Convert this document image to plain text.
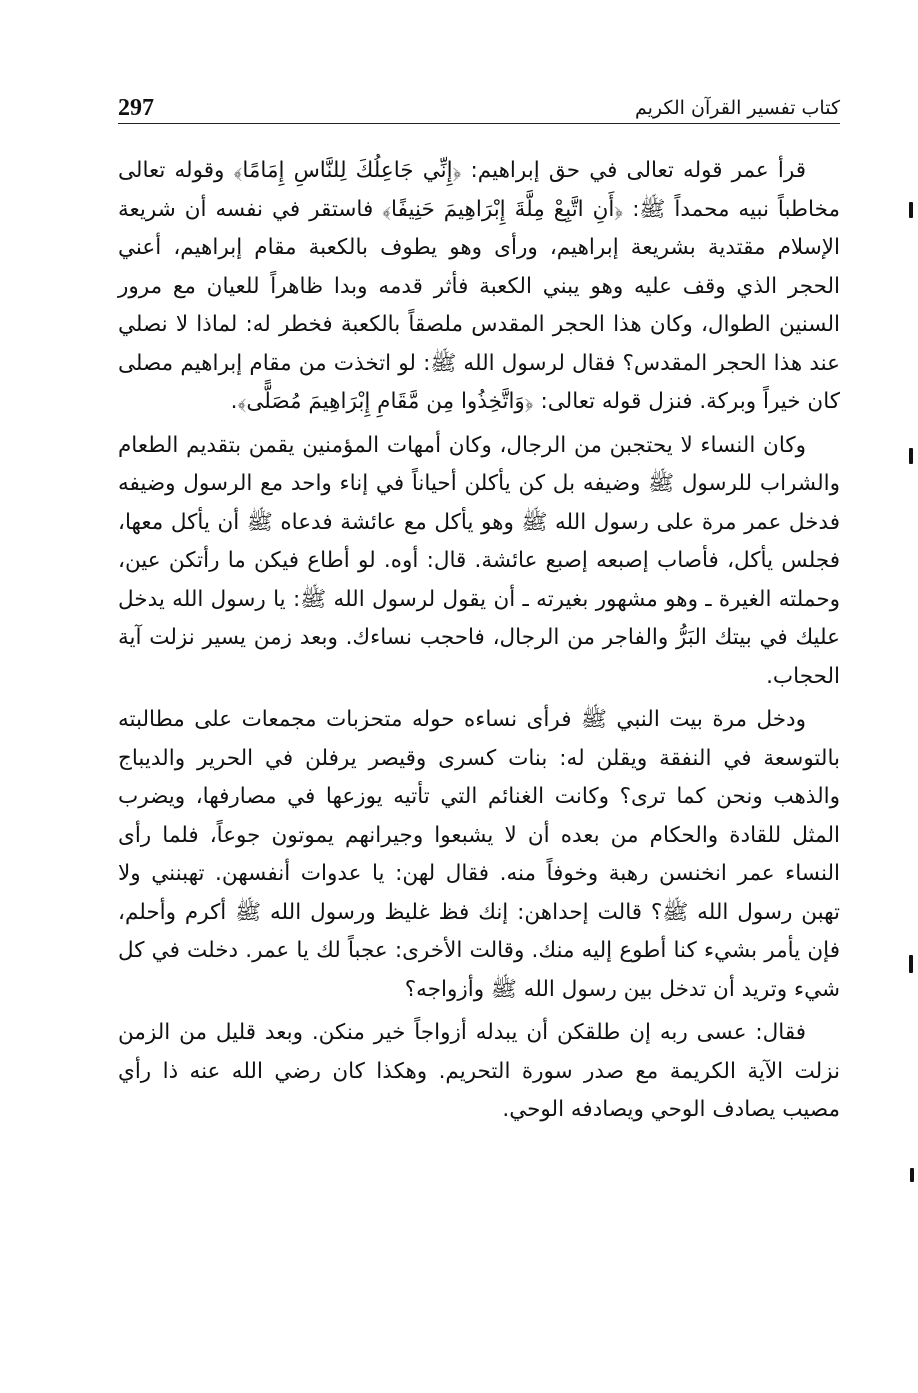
297	كتاب تفسير القرآن الكريم

قرأ عمر قوله تعالى في حق إبراهيم: ﴿إِنِّي جَاعِلُكَ لِلنَّاسِ إِمَامًا﴾ وقوله تعالى مخاطباً نبيه محمداً ﷺ: ﴿أَنِ اتَّبِعْ مِلَّةَ إِبْرَاهِيمَ حَنِيفًا﴾ فاستقر في نفسه أن شريعة الإسلام مقتدية بشريعة إبراهيم، ورأى وهو يطوف بالكعبة مقام إبراهيم، أعني الحجر الذي وقف عليه وهو يبني الكعبة فأثر قدمه وبدا ظاهراً للعيان مع مرور السنين الطوال، وكان هذا الحجر المقدس ملصقاً بالكعبة فخطر له: لماذا لا نصلي عند هذا الحجر المقدس؟ فقال لرسول الله ﷺ: لو اتخذت من مقام إبراهيم مصلى كان خيراً وبركة. فنزل قوله تعالى: ﴿وَاتَّخِذُوا مِن مَّقَامِ إِبْرَاهِيمَ مُصَلًّى﴾.

وكان النساء لا يحتجبن من الرجال، وكان أمهات المؤمنين يقمن بتقديم الطعام والشراب للرسول ﷺ وضيفه بل كن يأكلن أحياناً في إناء واحد مع الرسول وضيفه فدخل عمر مرة على رسول الله ﷺ وهو يأكل مع عائشة فدعاه ﷺ أن يأكل معها، فجلس يأكل، فأصاب إصبعه إصبع عائشة. قال: أوه. لو أطاع فيكن ما رأتكن عين، وحملته الغيرة ـ وهو مشهور بغيرته ـ أن يقول لرسول الله ﷺ: يا رسول الله يدخل عليك في بيتك البَرُّ والفاجر من الرجال، فاحجب نساءك. وبعد زمن يسير نزلت آية الحجاب.

ودخل مرة بيت النبي ﷺ فرأى نساءه حوله متحزبات مجمعات على مطالبته بالتوسعة في النفقة ويقلن له: بنات كسرى وقيصر يرفلن في الحرير والديباج والذهب ونحن كما ترى؟ وكانت الغنائم التي تأتيه يوزعها في مصارفها، ويضرب المثل للقادة والحكام من بعده أن لا يشبعوا وجيرانهم يموتون جوعاً، فلما رأى النساء عمر انخنسن رهبة وخوفاً منه. فقال لهن: يا عدوات أنفسهن. تهبنني ولا تهبن رسول الله ﷺ؟ قالت إحداهن: إنك فظ غليظ ورسول الله ﷺ أكرم وأحلم، فإن يأمر بشيء كنا أطوع إليه منك. وقالت الأخرى: عجباً لك يا عمر. دخلت في كل شيء وتريد أن تدخل بين رسول الله ﷺ وأزواجه؟

فقال: عسى ربه إن طلقكن أن يبدله أزواجاً خير منكن. وبعد قليل من الزمن نزلت الآية الكريمة مع صدر سورة التحريم. وهكذا كان رضي الله عنه ذا رأي مصيب يصادف الوحي ويصادفه الوحي.
